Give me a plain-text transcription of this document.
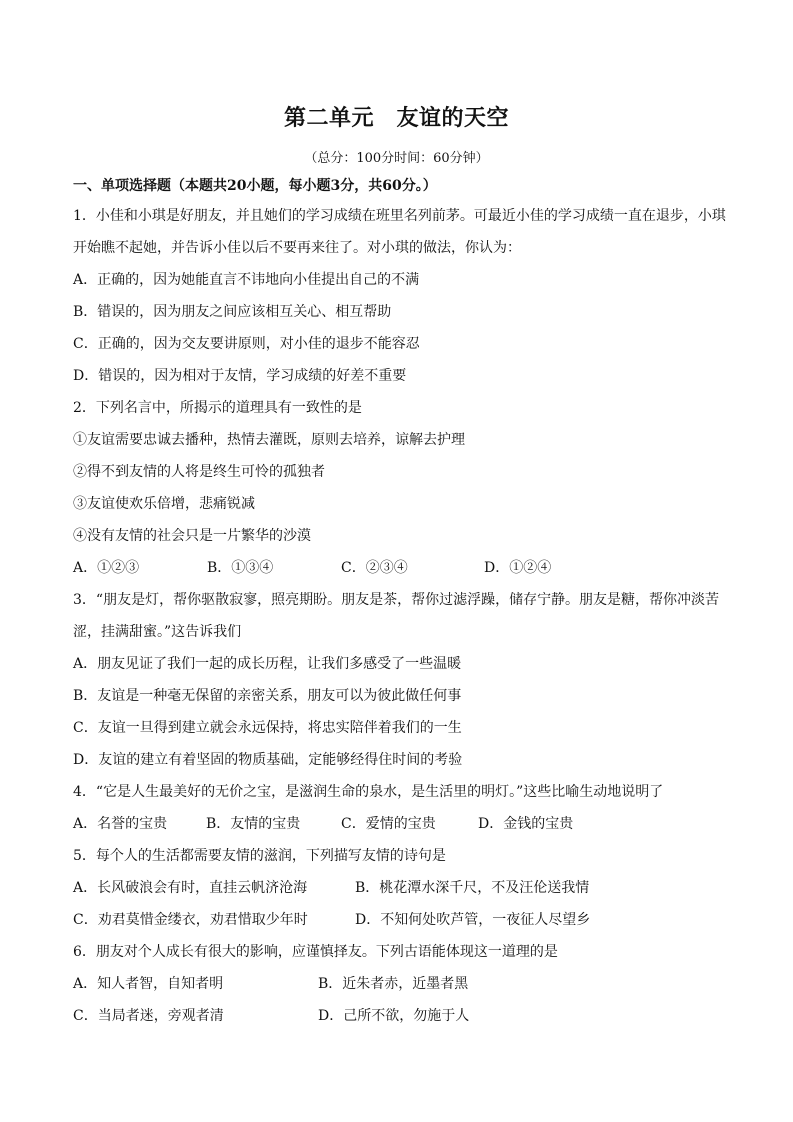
第二单元　友谊的天空
（总分：100分时间：60分钟）
一、单项选择题（本题共20小题，每小题3分，共60分。）
1．小佳和小琪是好朋友，并且她们的学习成绩在班里名列前茅。可最近小佳的学习成绩一直在退步，小琪
开始瞧不起她，并告诉小佳以后不要再来往了。对小琪的做法，你认为：
A．正确的，因为她能直言不讳地向小佳提出自己的不满
B．错误的，因为朋友之间应该相互关心、相互帮助
C．正确的，因为交友要讲原则，对小佳的退步不能容忍
D．错误的，因为相对于友情，学习成绩的好差不重要
2．下列名言中，所揭示的道理具有一致性的是
①友谊需要忠诚去播种，热情去灌既，原则去培养，谅解去护理
②得不到友情的人将是终生可怜的孤独者
③友谊使欢乐倍增，悲痛锐减
④没有友情的社会只是一片繁华的沙漠
A．①②③	B．①③④	C．②③④	D．①②④
3．“朋友是灯，帮你驱散寂寥，照亮期盼。朋友是茶，帮你过滤浮躁，储存宁静。朋友是糖，帮你冲淡苦
涩，挂满甜蜜。”这告诉我们
A．朋友见证了我们一起的成长历程，让我们多感受了一些温暖
B．友谊是一种毫无保留的亲密关系，朋友可以为彼此做任何事
C．友谊一旦得到建立就会永远保持，将忠实陪伴着我们的一生
D．友谊的建立有着坚固的物质基础，定能够经得住时间的考验
4．“它是人生最美好的无价之宝，是滋润生命的泉水，是生活里的明灯。”这些比喻生动地说明了
A．名誉的宝贵	B．友情的宝贵	C．爱情的宝贵	D．金钱的宝贵
5．每个人的生活都需要友情的滋润，下列描写友情的诗句是
A．长风破浪会有时，直挂云帆济沧海	B．桃花潭水深千尺，不及汪伦送我情
C．劝君莫惜金缕衣，劝君惜取少年时	D．不知何处吹芦管，一夜征人尽望乡
6．朋友对个人成长有很大的影响，应谨慎择友。下列古语能体现这一道理的是
A．知人者智，自知者明	B．近朱者赤，近墨者黑
C．当局者迷，旁观者清	D．己所不欲，勿施于人
